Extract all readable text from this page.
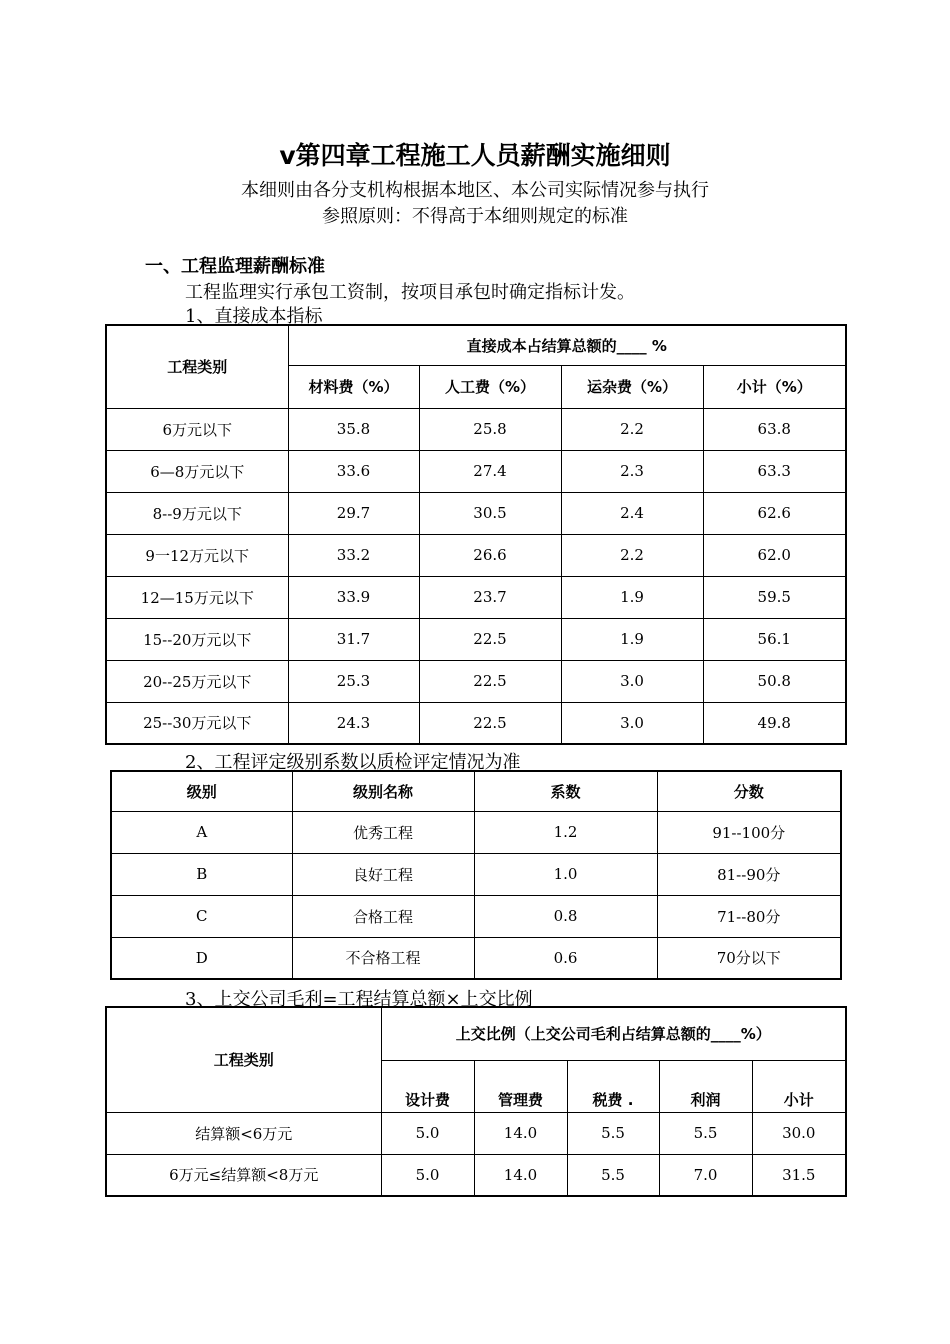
v第四章工程施工人员薪酬实施细则
本细则由各分支机构根据本地区、本公司实际情况参与执行
参照原则：不得高于本细则规定的标准
一、工程监理薪酬标准
工程监理实行承包工资制，按项目承包时确定指标计发。
1、直接成本指标
工程类别	直接成本占结算总额的____ %			
	材料费（%）	人工费（%）	运杂费（%）	小计（%）
6万元以下	35.8	25.8	2.2	63.8
6—8万元以下	33.6	27.4	2.3	63.3
8--9万元以下	29.7	30.5	2.4	62.6
9一12万元以下	33.2	26.6	2.2	62.0
12—15万元以下	33.9	23.7	1.9	59.5
15--20万元以下	31.7	22.5	1.9	56.1
20--25万元以下	25.3	22.5	3.0	50.8
25--30万元以下	24.3	22.5	3.0	49.8
2、工程评定级别系数以质检评定情况为准
级别	级别名称	系数	分数
A	优秀工程	1.2	91--100分
B	良好工程	1.0	81--90分
C	合格工程	0.8	71--80分
D	不合格工程	0.6	70分以下
3、上交公司毛利=工程结算总额×上交比例
工程类别	上交比例（上交公司毛利占结算总额的____%）				
	设计费	管理费	税费 .	利润	小计
结算额<6万元	5.0	14.0	5.5	5.5	30.0
6万元≤结算额<8万元	5.0	14.0	5.5	7.0	31.5
